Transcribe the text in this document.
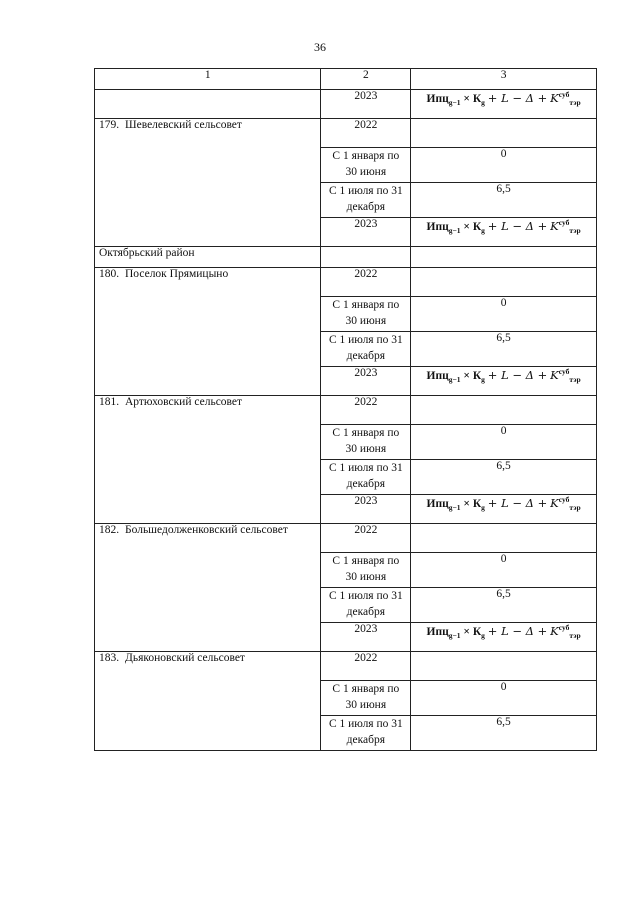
36
1	2	3
	2023	$Ипц_{g-1} \times К_g + L - \Delta + K^{суб}_{тэр}$
179. Шевелевский сельсовет	2022	
	С 1 января по 30 июня	0
	С 1 июля по 31 декабря	6,5
	2023	$Ипц_{g-1} \times К_g + L - \Delta + K^{суб}_{тэр}$
Октябрьский район		
180. Поселок Прямицыно	2022	
	С 1 января по 30 июня	0
	С 1 июля по 31 декабря	6,5
	2023	$Ипц_{g-1} \times К_g + L - \Delta + K^{суб}_{тэр}$
181. Артюховский сельсовет	2022	
	С 1 января по 30 июня	0
	С 1 июля по 31 декабря	6,5
	2023	$Ипц_{g-1} \times К_g + L - \Delta + K^{суб}_{тэр}$
182. Большедолженковский сельсовет	2022	
	С 1 января по 30 июня	0
	С 1 июля по 31 декабря	6,5
	2023	$Ипц_{g-1} \times К_g + L - \Delta + K^{суб}_{тэр}$
183. Дьяконовский сельсовет	2022	
	С 1 января по 30 июня	0
	С 1 июля по 31 декабря	6,5
